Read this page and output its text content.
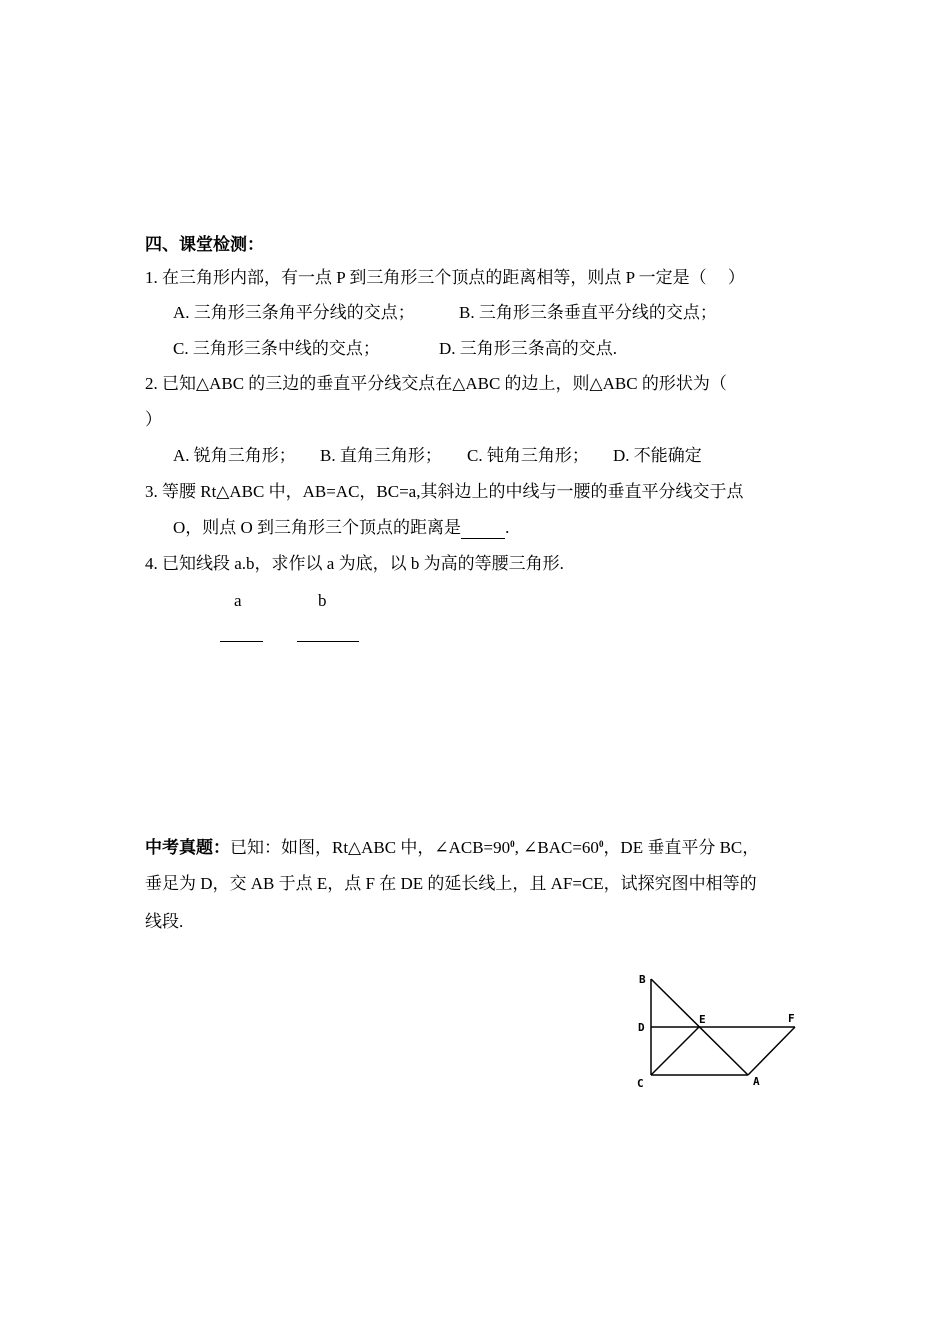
四、课堂检测：
1. 在三角形内部，有一点 P 到三角形三个顶点的距离相等，则点 P 一定是（　 ）
A. 三角形三条角平分线的交点；	B. 三角形三条垂直平分线的交点；
C. 三角形三条中线的交点；	D. 三角形三条高的交点.
2. 已知△ABC 的三边的垂直平分线交点在△ABC 的边上，则△ABC 的形状为（
）
A. 锐角三角形； B. 直角三角形； C. 钝角三角形； D. 不能确定
3. 等腰 Rt△ABC 中，AB=AC，BC=a,其斜边上的中线与一腰的垂直平分线交于点
O，则点 O 到三角形三个顶点的距离是	.
4. 已知线段 a.b，求作以 a 为底，以 b 为高的等腰三角形.
a	b
中考真题：已知：如图，Rt△ABC 中，$\angle ACB=90^0$, $\angle BAC=60^0$，DE 垂直平分 BC，
垂足为 D，交 AB 于点 E，点 F 在 DE 的延长线上，且 AF=CE，试探究图中相等的
线段.
B
D
E	F
C	A
